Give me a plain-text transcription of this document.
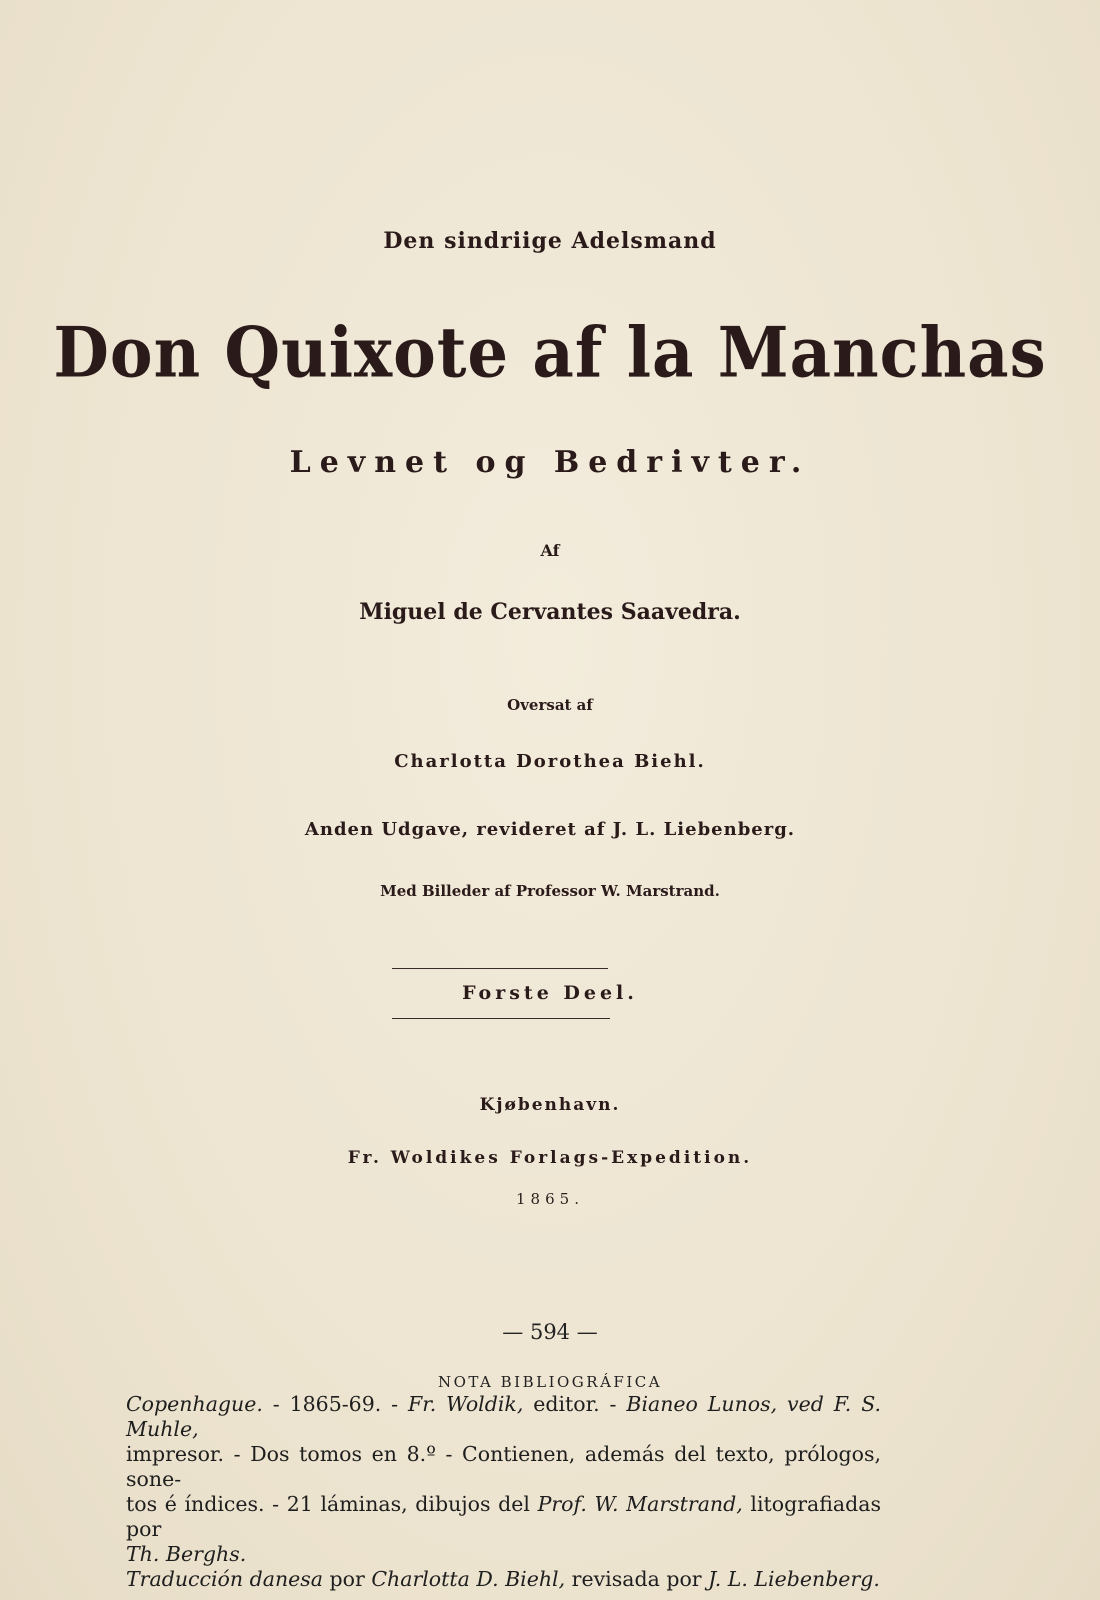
Den sindriige Adelsmand
Don Quixote af la Manchas
Levnet og Bedrivter.
Af
Miguel de Cervantes Saavedra.
Oversat af
Charlotta Dorothea Biehl.
Anden Udgave, revideret af J. L. Liebenberg.
Med Billeder af Professor W. Marstrand.
Forste Deel.
Kjøbenhavn.
Fr. Woldikes Forlags-Expedition.
1865.
— 594 —
NOTA BIBLIOGRÁFICA
Copenhague. - 1865-69. - Fr. Woldik, editor. - Bianeo Lunos, ved F. S. Muhle,
impresor. - Dos tomos en 8.º - Contienen, además del texto, prólogos, sone-
tos é índices. - 21 láminas, dibujos del Prof. W. Marstrand, litografiadas por
Th. Berghs.
Traducción danesa por Charlotta D. Biehl, revisada por J. L. Liebenberg.
